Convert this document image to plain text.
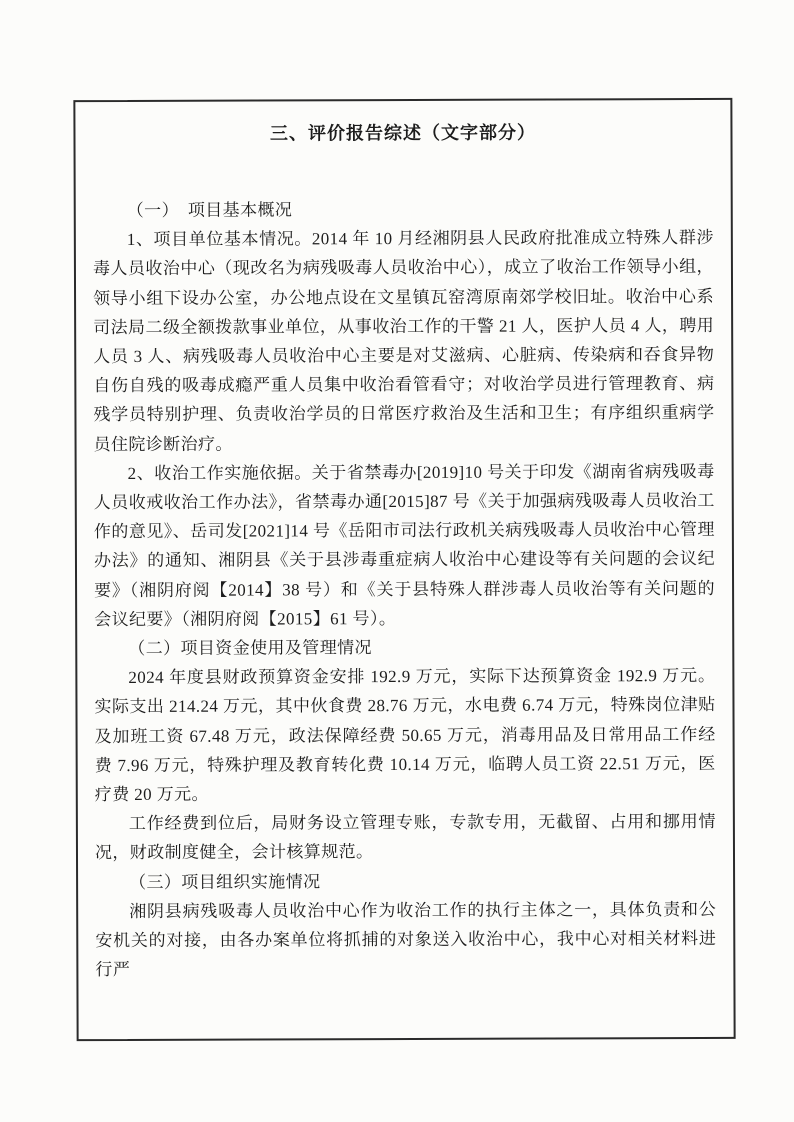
三、评价报告综述（文字部分）

（一）　项目基本概况

1、项目单位基本情况。2014 年 10 月经湘阴县人民政府批准成立特殊人群涉毒人员收治中心（现改名为病残吸毒人员收治中心），成立了收治工作领导小组，领导小组下设办公室，办公地点设在文星镇瓦窑湾原南郊学校旧址。收治中心系司法局二级全额拨款事业单位，从事收治工作的干警 21 人，医护人员 4 人，聘用人员 3 人、病残吸毒人员收治中心主要是对艾滋病、心脏病、传染病和吞食异物自伤自残的吸毒成瘾严重人员集中收治看管看守；对收治学员进行管理教育、病残学员特别护理、负责收治学员的日常医疗救治及生活和卫生；有序组织重病学员住院诊断治疗。

2、收治工作实施依据。关于省禁毒办[2019]10 号关于印发《湖南省病残吸毒人员收戒收治工作办法》，省禁毒办通[2015]87 号《关于加强病残吸毒人员收治工作的意见》、岳司发[2021]14 号《岳阳市司法行政机关病残吸毒人员收治中心管理办法》的通知、湘阴县《关于县涉毒重症病人收治中心建设等有关问题的会议纪要》（湘阴府阅【2014】38 号）和《关于县特殊人群涉毒人员收治等有关问题的会议纪要》（湘阴府阅【2015】61 号）。

（二）项目资金使用及管理情况

2024 年度县财政预算资金安排 192.9 万元，实际下达预算资金 192.9 万元。实际支出 214.24 万元，其中伙食费 28.76 万元，水电费 6.74 万元，特殊岗位津贴及加班工资 67.48 万元，政法保障经费 50.65 万元，消毒用品及日常用品工作经费 7.96 万元，特殊护理及教育转化费 10.14 万元，临聘人员工资 22.51 万元，医疗费 20 万元。

工作经费到位后，局财务设立管理专账，专款专用，无截留、占用和挪用情况，财政制度健全，会计核算规范。

（三）项目组织实施情况

湘阴县病残吸毒人员收治中心作为收治工作的执行主体之一，具体负责和公安机关的对接，由各办案单位将抓捕的对象送入收治中心，我中心对相关材料进行严
